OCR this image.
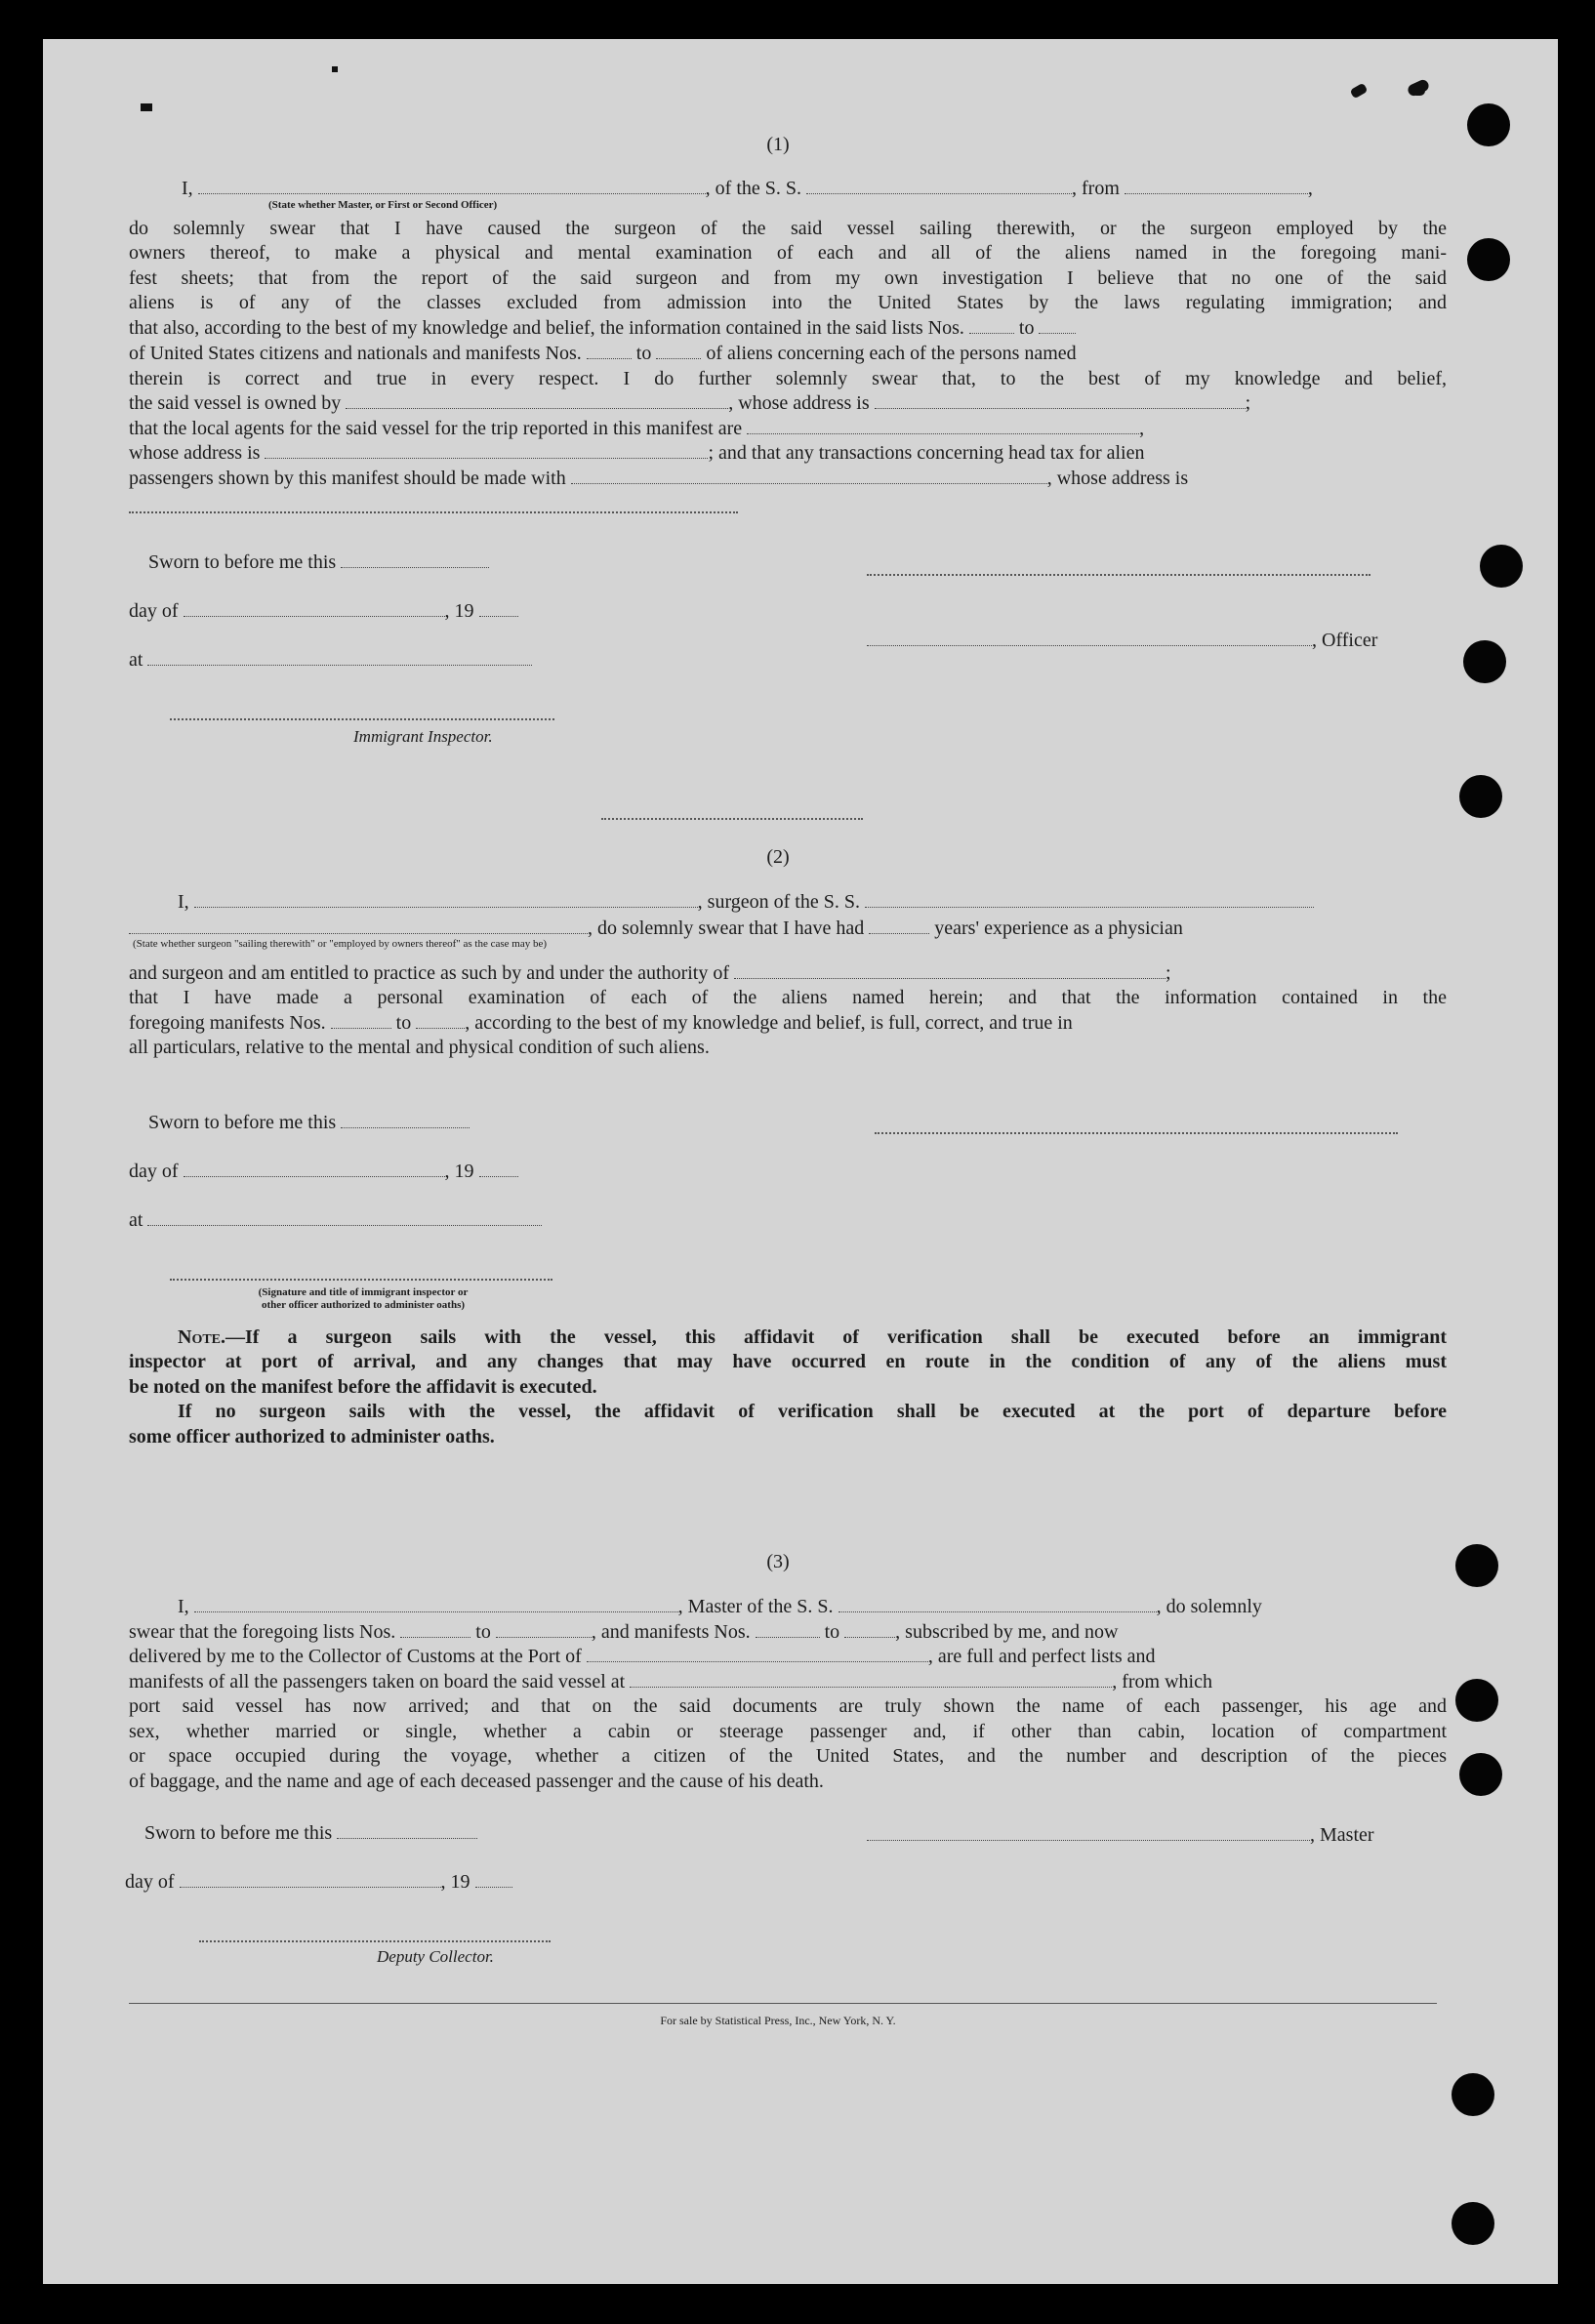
(1)
I,	, of the S. S.	, from	,
(State whether Master, or First or Second Officer)
do solemnly swear that I have caused the surgeon of the said vessel sailing therewith, or the surgeon employed by the
owners thereof, to make a physical and mental examination of each and all of the aliens named in the foregoing mani-
fest sheets; that from the report of the said surgeon and from my own investigation I believe that no one of the said
aliens is of any of the classes excluded from admission into the United States by the laws regulating immigration; and
that also, according to the best of my knowledge and belief, the information contained in the said lists Nos.	to
of United States citizens and nationals and manifests Nos.	to	of aliens concerning each of the persons named
therein is correct and true in every respect. I do further solemnly swear that, to the best of my knowledge and belief,
the said vessel is owned by	, whose address is	;
that the local agents for the said vessel for the trip reported in this manifest are	,
whose address is	; and that any transactions concerning head tax for alien
passengers shown by this manifest should be made with	, whose address is
Sworn to before me this
day of	, 19
at
Immigrant Inspector.
, Officer
(2)
I,	, surgeon of the S. S.
, do solemnly swear that I have had	years' experience as a physician
(State whether surgeon "sailing therewith" or "employed by owners thereof" as the case may be)
and surgeon and am entitled to practice as such by and under the authority of	;
that I have made a personal examination of each of the aliens named herein; and that the information contained in the
foregoing manifests Nos.	to	, according to the best of my knowledge and belief, is full, correct, and true in
all particulars, relative to the mental and physical condition of such aliens.
Sworn to before me this
day of	, 19
at
(Signature and title of immigrant inspector or
other officer authorized to administer oaths)
Note.—If a surgeon sails with the vessel, this affidavit of verification shall be executed before an immigrant
inspector at port of arrival, and any changes that may have occurred en route in the condition of any of the aliens must
be noted on the manifest before the affidavit is executed.
If no surgeon sails with the vessel, the affidavit of verification shall be executed at the port of departure before
some officer authorized to administer oaths.
(3)
I,	, Master of the S. S.	, do solemnly
swear that the foregoing lists Nos.	to	, and manifests Nos.	to	, subscribed by me, and now
delivered by me to the Collector of Customs at the Port of	, are full and perfect lists and
manifests of all the passengers taken on board the said vessel at	, from which
port said vessel has now arrived; and that on the said documents are truly shown the name of each passenger, his age and
sex, whether married or single, whether a cabin or steerage passenger and, if other than cabin, location of compartment
or space occupied during the voyage, whether a citizen of the United States, and the number and description of the pieces
of baggage, and the name and age of each deceased passenger and the cause of his death.
Sworn to before me this	, Master
day of	, 19
Deputy Collector.
For sale by Statistical Press, Inc., New York, N. Y.
